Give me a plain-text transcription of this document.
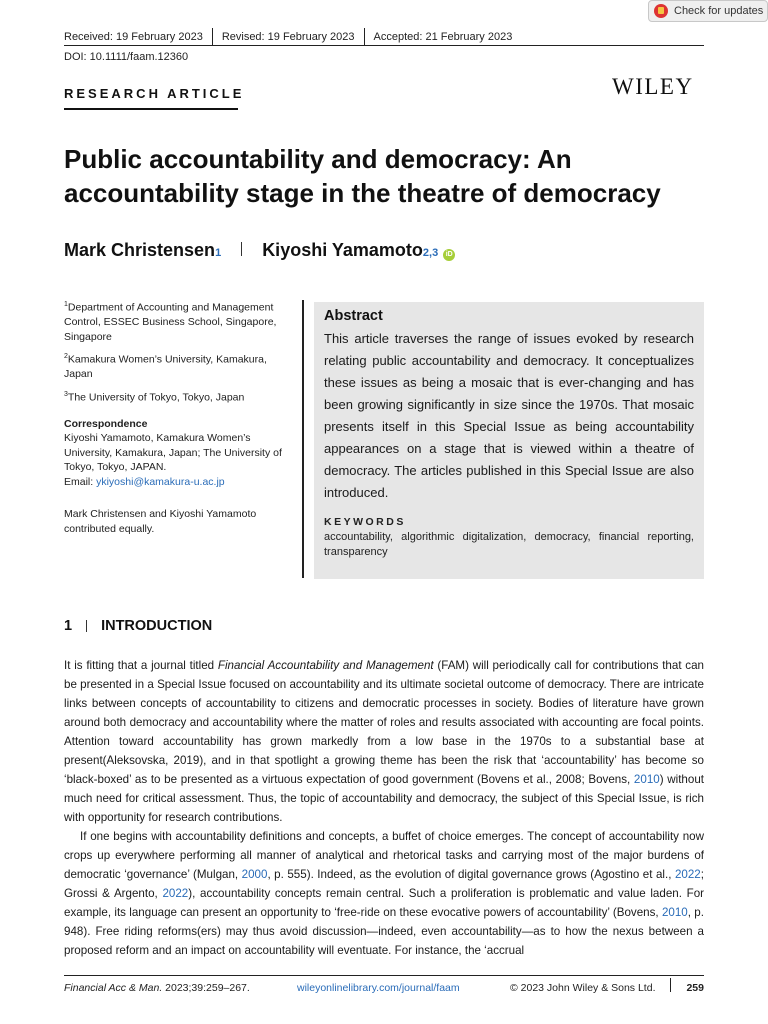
Received: 19 February 2023 Revised: 19 February 2023 Accepted: 21 February 2023
DOI: 10.1111/faam.12360
Check for updates
RESEARCH ARTICLE	WILEY
Public accountability and democracy: An accountability stage in the theatre of democracy
Mark Christensen 1 Kiyoshi Yamamoto 2,3	iD

$^1$Department of Accounting and Management Control, ESSEC Business School, Singapore, Singapore

$^2$Kamakura Women’s University, Kamakura, Japan

$^3$The University of Tokyo, Tokyo, Japan

Correspondence

Kiyoshi Yamamoto, Kamakura Women’s University, Kamakura, Japan; The University of Tokyo, Tokyo, JAPAN.
Email: ykiyoshi@kamakura-u.ac.jp

Mark Christensen and Kiyoshi Yamamoto contributed equally.

Abstract
This article traverses the range of issues evoked by research relating public accountability and democracy. It conceptualizes these issues as being a mosaic that is ever-changing and has been growing significantly in size since the 1970s. That mosaic presents itself in this Special Issue as being accountability appearances on a stage that is viewed within a theatre of democracy. The articles published in this Special Issue are also introduced.
KEYWORDS
accountability, algorithmic digitalization, democracy, financial reporting, transparency
1 INTRODUCTION

It is fitting that a journal titled Financial Accountability and Management (FAM) will periodically call for contributions that can be presented in a Special Issue focused on accountability and its ultimate societal outcome of democracy. There are intricate links between concepts of accountability to citizens and democratic processes in society. Bodies of literature have grown around both democracy and accountability where the matter of roles and results associated with accounting are focal points. Attention toward accountability has grown markedly from a low base in the 1970s to a substantial base at present(Aleksovska, 2019), and in that spotlight a growing theme has been the risk that ‘accountability’ has become so ‘black-boxed’ as to be presented as a virtuous expectation of good government (Bovens et al., 2008; Bovens, 2010) without much need for critical assessment. Thus, the topic of accountability and democracy, the subject of this Special Issue, is rich with opportunity for research contributions.

If one begins with accountability definitions and concepts, a buffet of choice emerges. The concept of accountability now crops up everywhere performing all manner of analytical and rhetorical tasks and carrying most of the major burdens of democratic ‘governance’ (Mulgan, 2000, p. 555). Indeed, as the evolution of digital governance grows (Agostino et al., 2022; Grossi & Argento, 2022), accountability concepts remain central. Such a proliferation is problematic and value laden. For example, its language can present an opportunity to ‘free-ride on these evocative powers of accountability’ (Bovens, 2010, p. 948). Free riding reforms(ers) may thus avoid discussion—indeed, even accountability—as to how the nexus between a proposed reform and an impact on accountability will eventuate. For instance, the ‘accrual

Financial Acc & Man. 2023;39:259–267.	wileyonlinelibrary.com/journal/faam	© 2023 John Wiley & Sons Ltd.	259
